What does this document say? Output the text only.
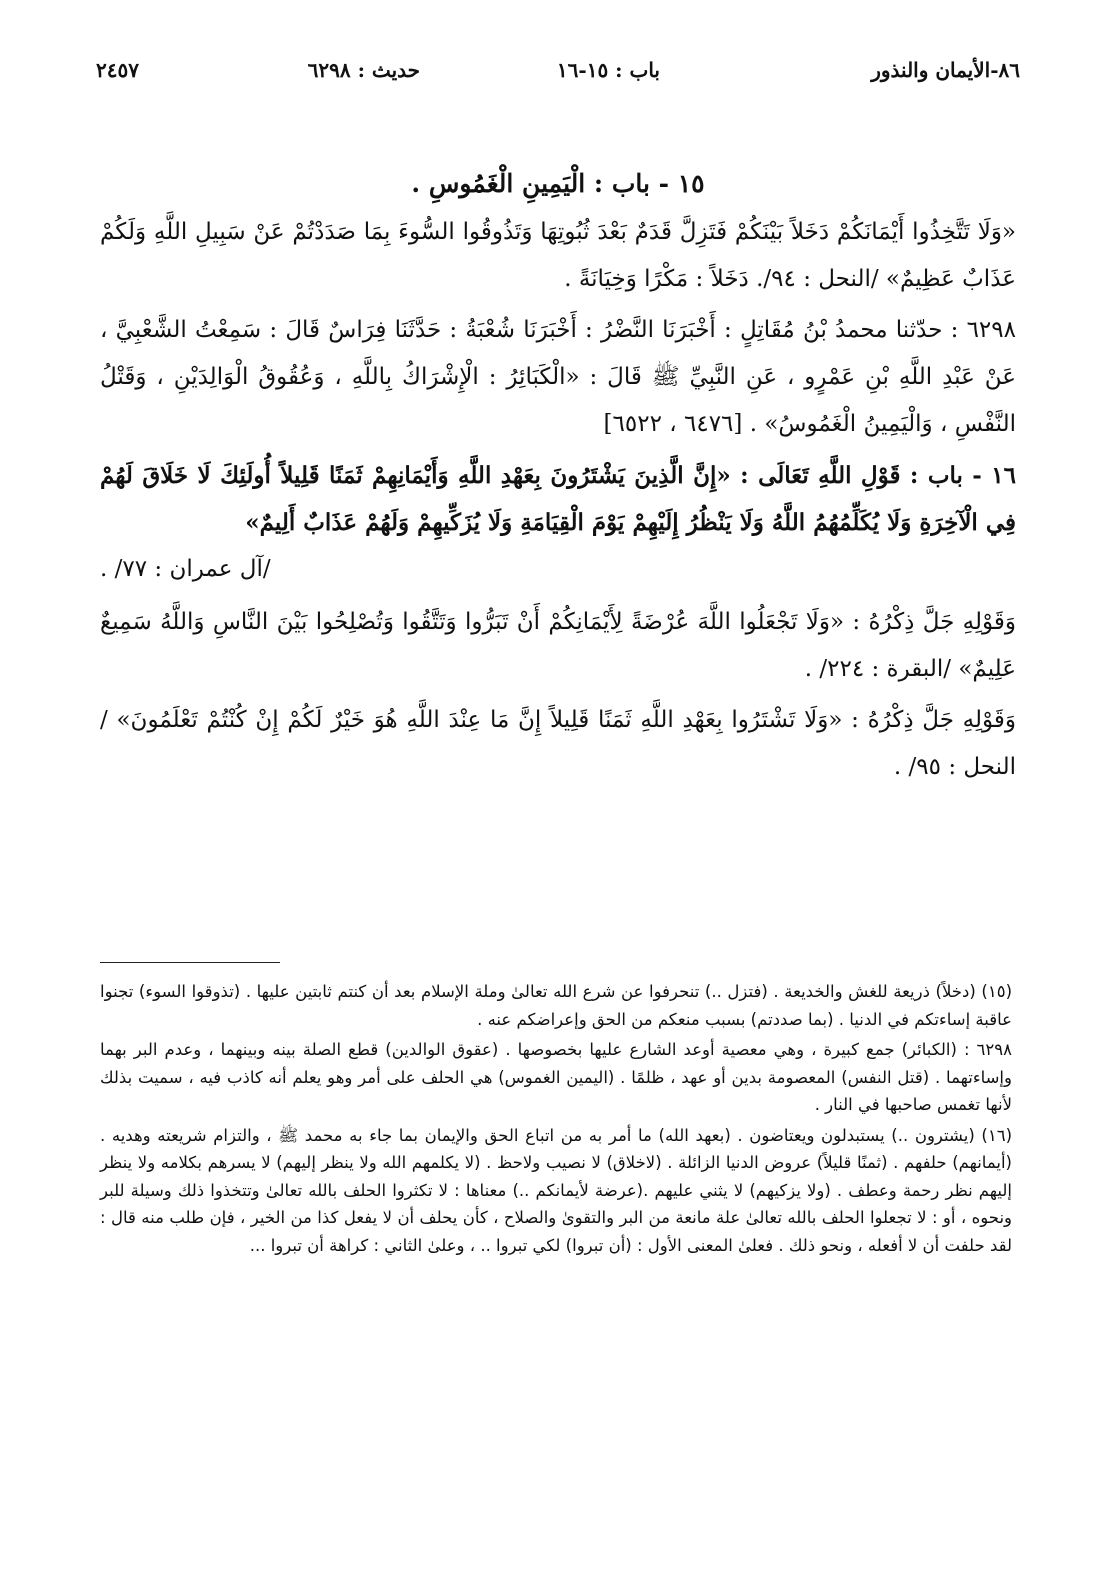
٨٦-الأيمان والنذور
باب : ١٥-١٦
حديث : ٦٢٩٨
٢٤٥٧

١٥ - باب : الْيَمِينِ الْغَمُوسِ .

«وَلَا تَتَّخِذُوا أَيْمَانَكُمْ دَخَلاً بَيْنَكُمْ فَتَزِلَّ قَدَمٌ بَعْدَ ثُبُوتِهَا وَتَذُوقُوا السُّوءَ بِمَا صَدَدْتُمْ عَنْ سَبِيلِ اللَّهِ وَلَكُمْ عَذَابٌ عَظِيمٌ» /النحل : ٩٤/. دَخَلاً : مَكْرًا وَخِيَانَةً .

٦٢٩٨ : حدّثنا محمدُ بْنُ مُقَاتِلٍ : أَخْبَرَنَا النَّضْرُ : أَخْبَرَنَا شُعْبَةُ : حَدَّثَنَا فِرَاسٌ قَالَ : سَمِعْتُ الشَّعْبِيَّ ، عَنْ عَبْدِ اللَّهِ بْنِ عَمْرٍو ، عَنِ النَّبِيِّ ﷺ قَالَ : «الْكَبَائِرُ : الْإِشْرَاكُ بِاللَّهِ ، وَعُقُوقُ الْوَالِدَيْنِ ، وَقَتْلُ النَّفْسِ ، وَالْيَمِينُ الْغَمُوسُ» . [٦٤٧٦ ، ٦٥٢٢]

١٦ - باب : قَوْلِ اللَّهِ تَعَالَى : «إِنَّ الَّذِينَ يَشْتَرُونَ بِعَهْدِ اللَّهِ وَأَيْمَانِهِمْ ثَمَنًا قَلِيلاً أُولَئِكَ لَا خَلَاقَ لَهُمْ فِي الْآخِرَةِ وَلَا يُكَلِّمُهُمُ اللَّهُ وَلَا يَنْظُرُ إِلَيْهِمْ يَوْمَ الْقِيَامَةِ وَلَا يُزَكِّيهِمْ وَلَهُمْ عَذَابٌ أَلِيمٌ»

/آل عمران : ٧٧/ .

وَقَوْلِهِ جَلَّ ذِكْرُهُ : «وَلَا تَجْعَلُوا اللَّهَ عُرْضَةً لِأَيْمَانِكُمْ أَنْ تَبَرُّوا وَتَتَّقُوا وَتُصْلِحُوا بَيْنَ النَّاسِ وَاللَّهُ سَمِيعٌ عَلِيمٌ» /البقرة : ٢٢٤/ .

وَقَوْلِهِ جَلَّ ذِكْرُهُ : «وَلَا تَشْتَرُوا بِعَهْدِ اللَّهِ ثَمَنًا قَلِيلاً إِنَّ مَا عِنْدَ اللَّهِ هُوَ خَيْرٌ لَكُمْ إِنْ كُنْتُمْ تَعْلَمُونَ» /النحل : ٩٥/ .

(١٥) (دخلاً) ذريعة للغش والخديعة . (فتزل ..) تنحرفوا عن شرع الله تعالىٰ وملة الإسلام بعد أن كنتم ثابتين عليها . (تذوقوا السوء) تجنوا عاقبة إساءتكم في الدنيا . (بما صددتم) بسبب منعكم من الحق وإعراضكم عنه .

٦٢٩٨ : (الكبائر) جمع كبيرة ، وهي معصية أوعد الشارع عليها بخصوصها . (عقوق الوالدين) قطع الصلة بينه وبينهما ، وعدم البر بهما وإساءتهما . (قتل النفس) المعصومة بدين أو عهد ، ظلمًا . (اليمين الغموس) هي الحلف على أمر وهو يعلم أنه كاذب فيه ، سميت بذلك لأنها تغمس صاحبها في النار .

(١٦) (يشترون ..) يستبدلون ويعتاضون . (بعهد الله) ما أمر به من اتباع الحق والإيمان بما جاء به محمد ﷺ ، والتزام شريعته وهديه . (أيمانهم) حلفهم . (ثمنًا قليلاً) عروض الدنيا الزائلة . (لاخلاق) لا نصيب ولاحظ . (لا يكلمهم الله ولا ينظر إليهم) لا يسرهم بكلامه ولا ينظر إليهم نظر رحمة وعطف . (ولا يزكيهم) لا يثني عليهم .(عرضة لأيمانكم ..) معناها : لا تكثروا الحلف بالله تعالىٰ وتتخذوا ذلك وسيلة للبر ونحوه ، أو : لا تجعلوا الحلف بالله تعالىٰ علة مانعة من البر والتقوىٰ والصلاح ، كأن يحلف أن لا يفعل كذا من الخير ، فإن طلب منه قال : لقد حلفت أن لا أفعله ، ونحو ذلك . فعلىٰ المعنى الأول : (أن تبروا) لكي تبروا .. ، وعلىٰ الثاني : كراهة أن تبروا ...
